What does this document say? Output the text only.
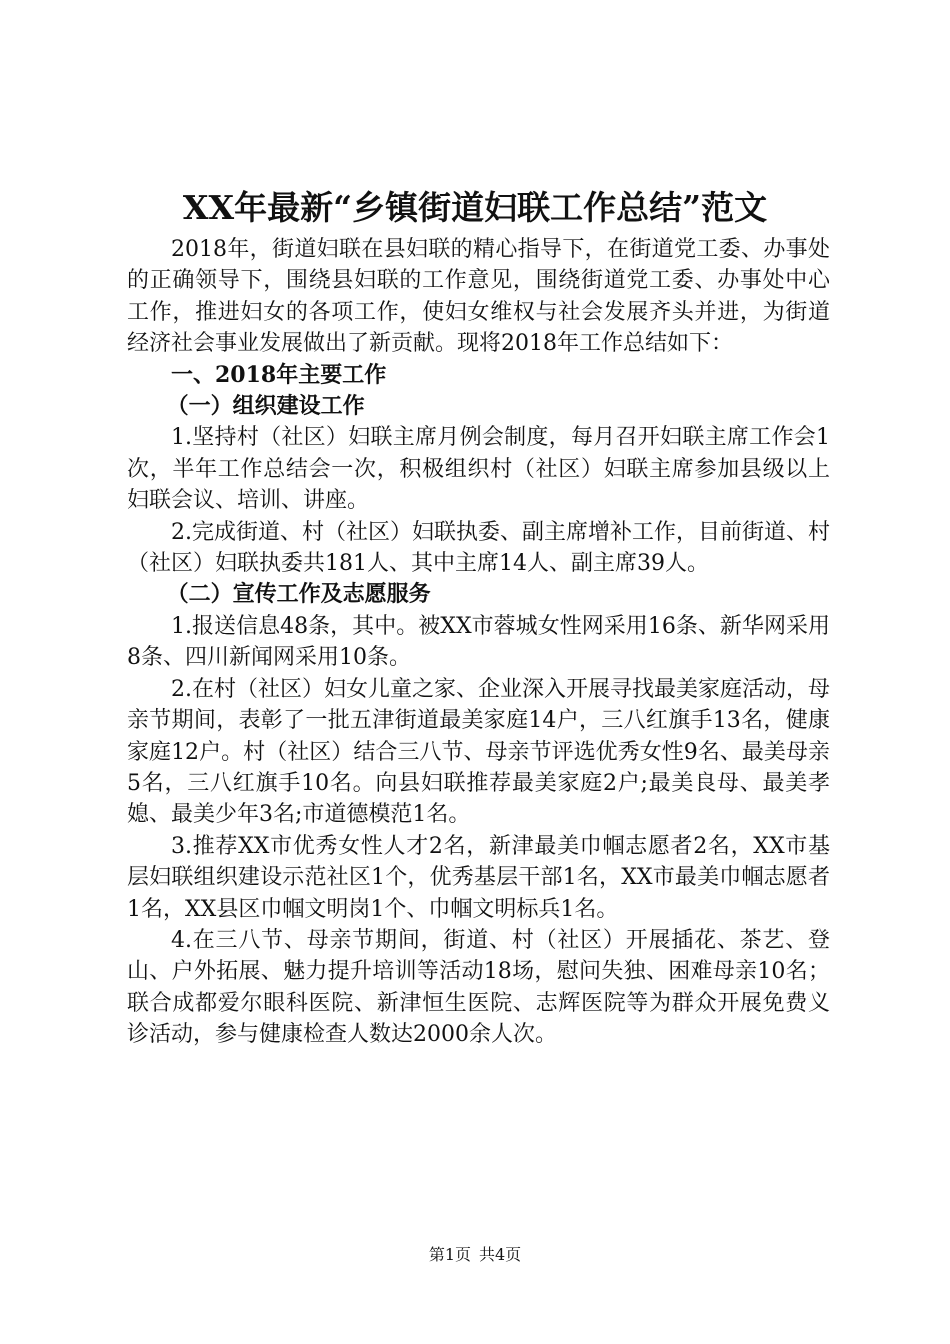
XX年最新“乡镇街道妇联工作总结”范文

2018年，街道妇联在县妇联的精心指导下，在街道党工委、办事处的正确领导下，围绕县妇联的工作意见，围绕街道党工委、办事处中心工作，推进妇女的各项工作，使妇女维权与社会发展齐头并进，为街道经济社会事业发展做出了新贡献。现将2018年工作总结如下：

一、2018年主要工作

（一）组织建设工作

1.坚持村（社区）妇联主席月例会制度，每月召开妇联主席工作会1次，半年工作总结会一次，积极组织村（社区）妇联主席参加县级以上妇联会议、培训、讲座。

2.完成街道、村（社区）妇联执委、副主席增补工作，目前街道、村（社区）妇联执委共181人、其中主席14人、副主席39人。

（二）宣传工作及志愿服务

1.报送信息48条，其中。被XX市蓉城女性网采用16条、新华网采用8条、四川新闻网采用10条。

2.在村（社区）妇女儿童之家、企业深入开展寻找最美家庭活动，母亲节期间，表彰了一批五津街道最美家庭14户，三八红旗手13名，健康家庭12户。村（社区）结合三八节、母亲节评选优秀女性9名、最美母亲5名，三八红旗手10名。向县妇联推荐最美家庭2户;最美良母、最美孝媳、最美少年3名;市道德模范1名。

3.推荐XX市优秀女性人才2名，新津最美巾帼志愿者2名，XX市基层妇联组织建设示范社区1个，优秀基层干部1名，XX市最美巾帼志愿者1名，XX县区巾帼文明岗1个、巾帼文明标兵1名。

4.在三八节、母亲节期间，街道、村（社区）开展插花、茶艺、登山、户外拓展、魅力提升培训等活动18场，慰问失独、困难母亲10名；联合成都爱尔眼科医院、新津恒生医院、志辉医院等为群众开展免费义诊活动，参与健康检查人数达2000余人次。

第1页 共4页
